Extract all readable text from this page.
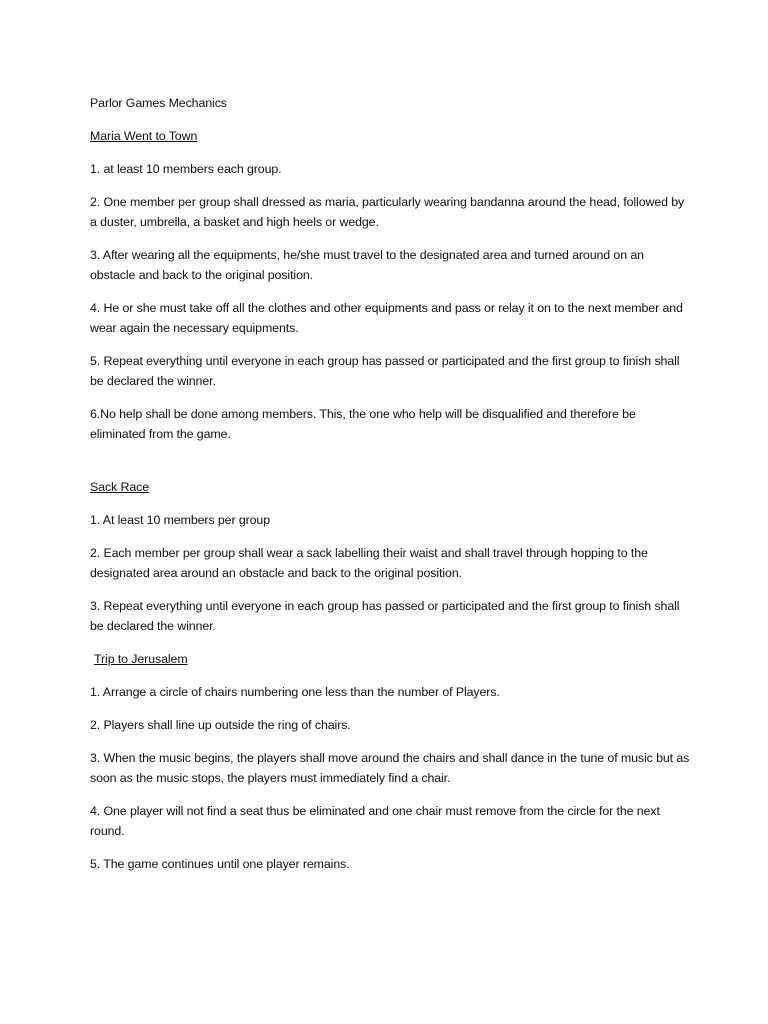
Parlor Games Mechanics

Maria Went to Town

1. at least 10 members each group.

2. One member per group shall dressed as maria, particularly wearing bandanna around the head, followed by a duster, umbrella, a basket and high heels or wedge.

3. After wearing all the equipments, he/she must travel to the designated area and turned around on an obstacle and back to the original position.

4. He or she must take off all the clothes and other equipments and pass or relay it on to the next member and wear again the necessary equipments.

5. Repeat everything until everyone in each group has passed or participated and the first group to finish shall be declared the winner.

6.No help shall be done among members. This, the one who help will be disqualified and therefore be eliminated from the game.

Sack Race

1. At least 10 members per group

2. Each member per group shall wear a sack labelling their waist and shall travel through hopping to the designated area around an obstacle and back to the original position.

3. Repeat everything until everyone in each group has passed or participated and the first group to finish shall be declared the winner.

Trip to Jerusalem

1. Arrange a circle of chairs numbering one less than the number of Players.

2. Players shall line up outside the ring of chairs.

3. When the music begins, the players shall move around the chairs and shall dance in the tune of music but as soon as the music stops, the players must immediately find a chair.

4. One player will not find a seat thus be eliminated and one chair must remove from the circle for the next round.

5. The game continues until one player remains.
